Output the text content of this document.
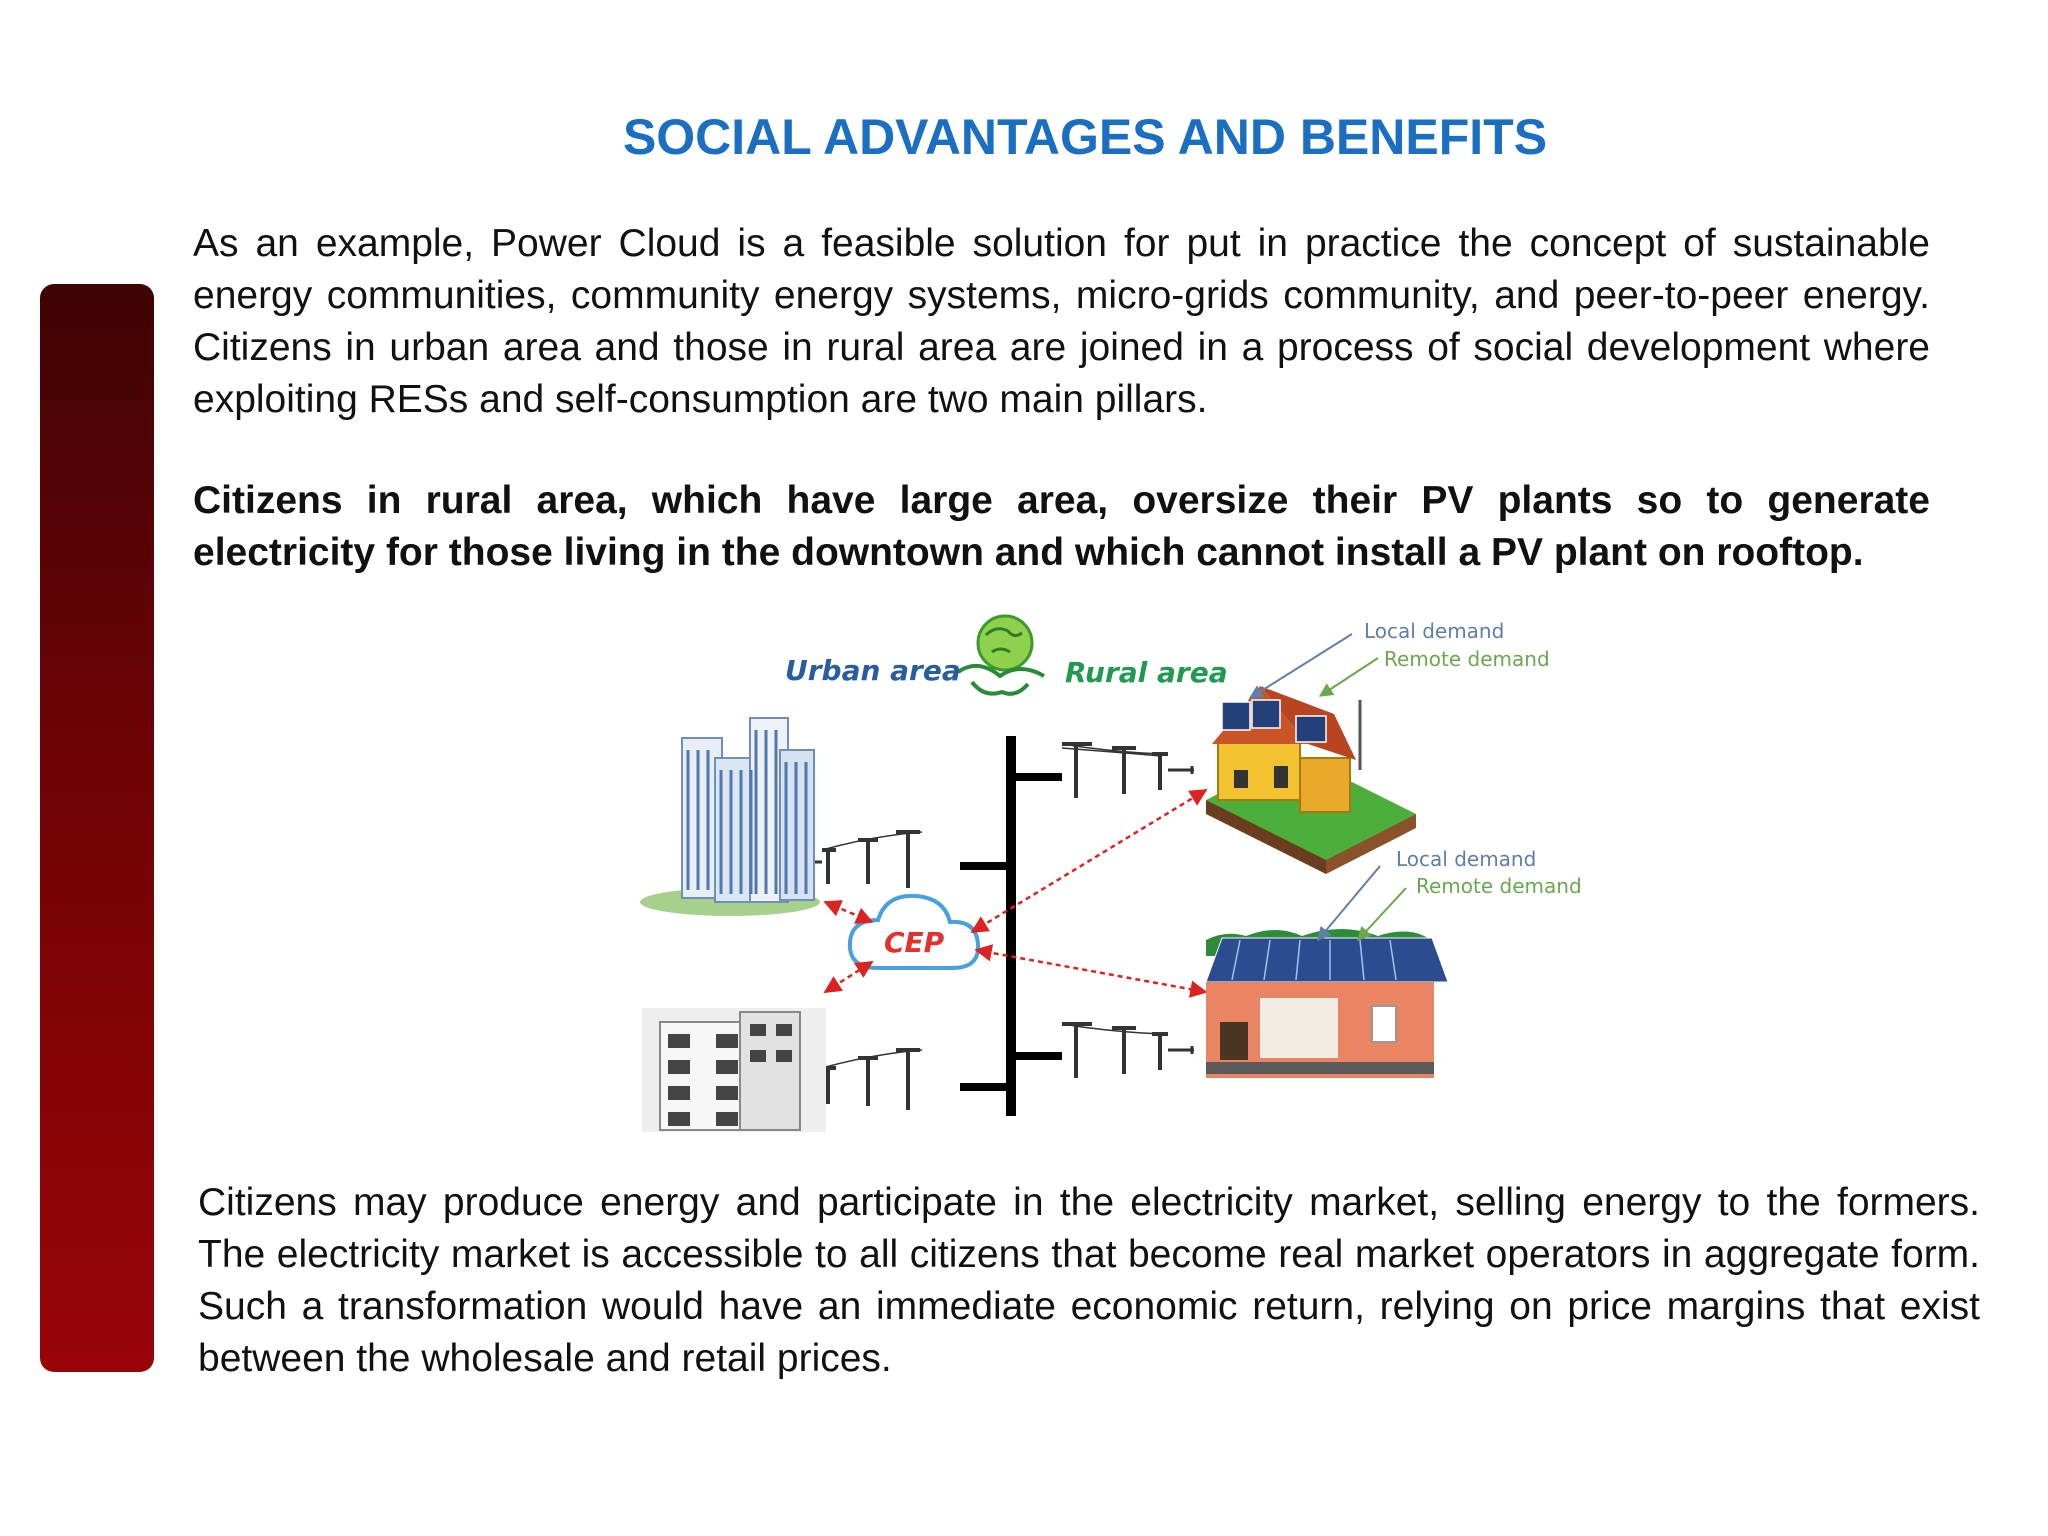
SOCIAL ADVANTAGES AND BENEFITS

As an example, Power Cloud is a feasible solution for put in practice the concept of sustainable energy communities, community energy systems, micro-grids community, and peer-to-peer energy. Citizens in urban area and those in rural area are joined in a process of social development where exploiting RESs and self-consumption are two main pillars.

Citizens in rural area, which have large area, oversize their PV plants so to generate electricity for those living in the downtown and which cannot install a PV plant on rooftop.

Urban area	Rural area
CEP
Local demand
Remote demand
Local demand
Remote demand

Citizens may produce energy and participate in the electricity market, selling energy to the formers. The electricity market is accessible to all citizens that become real market operators in aggregate form. Such a transformation would have an immediate economic return, relying on price margins that exist between the wholesale and retail prices.
